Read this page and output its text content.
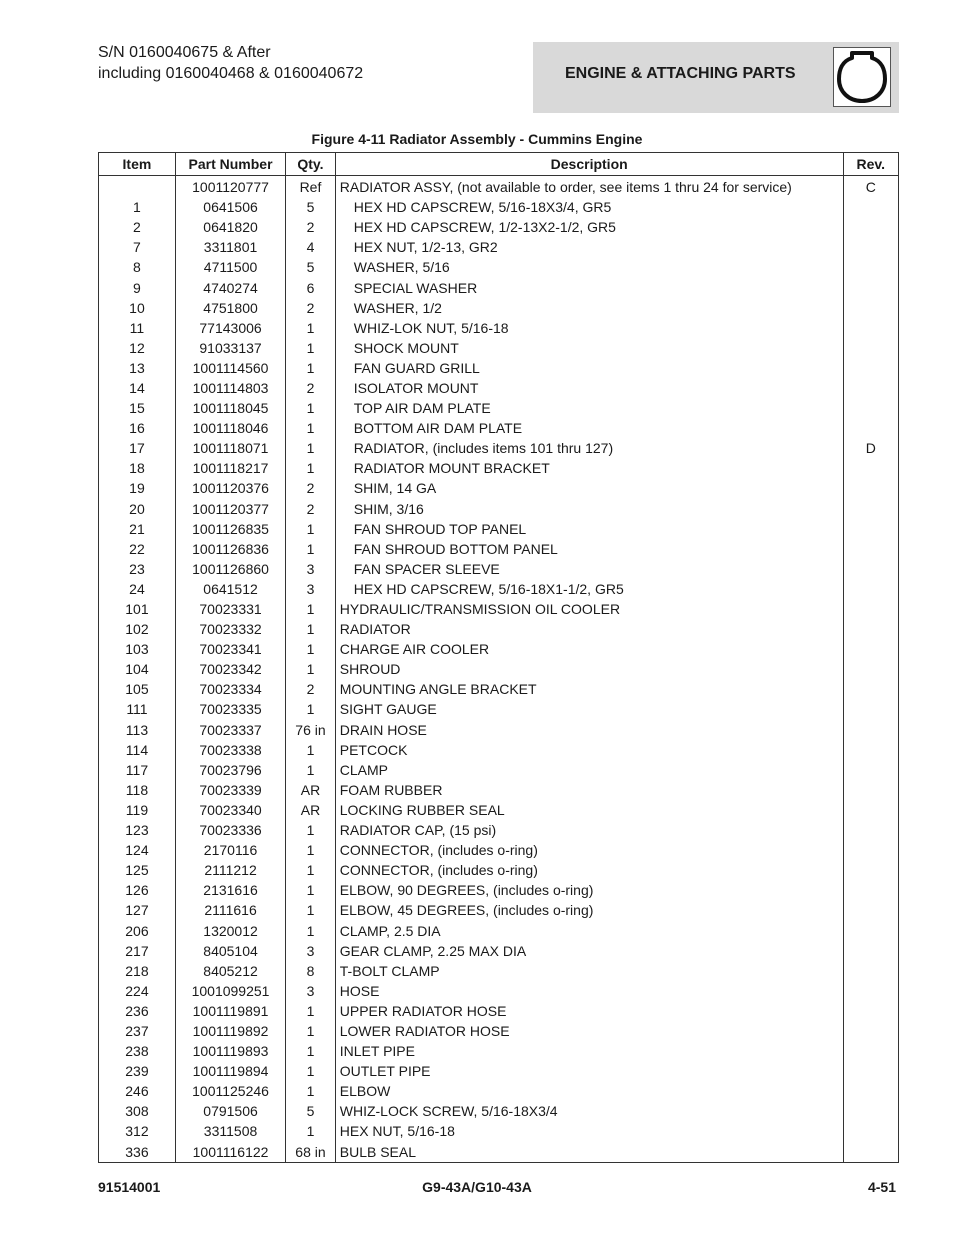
S/N 0160040675 & After
including 0160040468 & 0160040672	ENGINE & ATTACHING PARTS
Figure 4-11 Radiator Assembly - Cummins Engine
Item	Part Number	Qty.	Description	Rev.
	1001120777	Ref	RADIATOR ASSY, (not available to order, see items 1 thru 24 for service)	C
1	0641506	5	HEX HD CAPSCREW, 5/16-18X3/4, GR5	
2	0641820	2	HEX HD CAPSCREW, 1/2-13X2-1/2, GR5	
7	3311801	4	HEX NUT, 1/2-13, GR2	
8	4711500	5	WASHER, 5/16	
9	4740274	6	SPECIAL WASHER	
10	4751800	2	WASHER, 1/2	
11	77143006	1	WHIZ-LOK NUT, 5/16-18	
12	91033137	1	SHOCK MOUNT	
13	1001114560	1	FAN GUARD GRILL	
14	1001114803	2	ISOLATOR MOUNT	
15	1001118045	1	TOP AIR DAM PLATE	
16	1001118046	1	BOTTOM AIR DAM PLATE	
17	1001118071	1	RADIATOR, (includes items 101 thru 127)	D
18	1001118217	1	RADIATOR MOUNT BRACKET	
19	1001120376	2	SHIM, 14 GA	
20	1001120377	2	SHIM, 3/16	
21	1001126835	1	FAN SHROUD TOP PANEL	
22	1001126836	1	FAN SHROUD BOTTOM PANEL	
23	1001126860	3	FAN SPACER SLEEVE	
24	0641512	3	HEX HD CAPSCREW, 5/16-18X1-1/2, GR5	
101	70023331	1	HYDRAULIC/TRANSMISSION OIL COOLER	
102	70023332	1	RADIATOR	
103	70023341	1	CHARGE AIR COOLER	
104	70023342	1	SHROUD	
105	70023334	2	MOUNTING ANGLE BRACKET	
111	70023335	1	SIGHT GAUGE	
113	70023337	76 in	DRAIN HOSE	
114	70023338	1	PETCOCK	
117	70023796	1	CLAMP	
118	70023339	AR	FOAM RUBBER	
119	70023340	AR	LOCKING RUBBER SEAL	
123	70023336	1	RADIATOR CAP, (15 psi)	
124	2170116	1	CONNECTOR, (includes o-ring)	
125	2111212	1	CONNECTOR, (includes o-ring)	
126	2131616	1	ELBOW, 90 DEGREES, (includes o-ring)	
127	2111616	1	ELBOW, 45 DEGREES, (includes o-ring)	
206	1320012	1	CLAMP, 2.5 DIA	
217	8405104	3	GEAR CLAMP, 2.25 MAX DIA	
218	8405212	8	T-BOLT CLAMP	
224	1001099251	3	HOSE	
236	1001119891	1	UPPER RADIATOR HOSE	
237	1001119892	1	LOWER RADIATOR HOSE	
238	1001119893	1	INLET PIPE	
239	1001119894	1	OUTLET PIPE	
246	1001125246	1	ELBOW	
308	0791506	5	WHIZ-LOCK SCREW, 5/16-18X3/4	
312	3311508	1	HEX NUT, 5/16-18	
336	1001116122	68 in	BULB SEAL	
91514001	G9-43A/G10-43A	4-51
